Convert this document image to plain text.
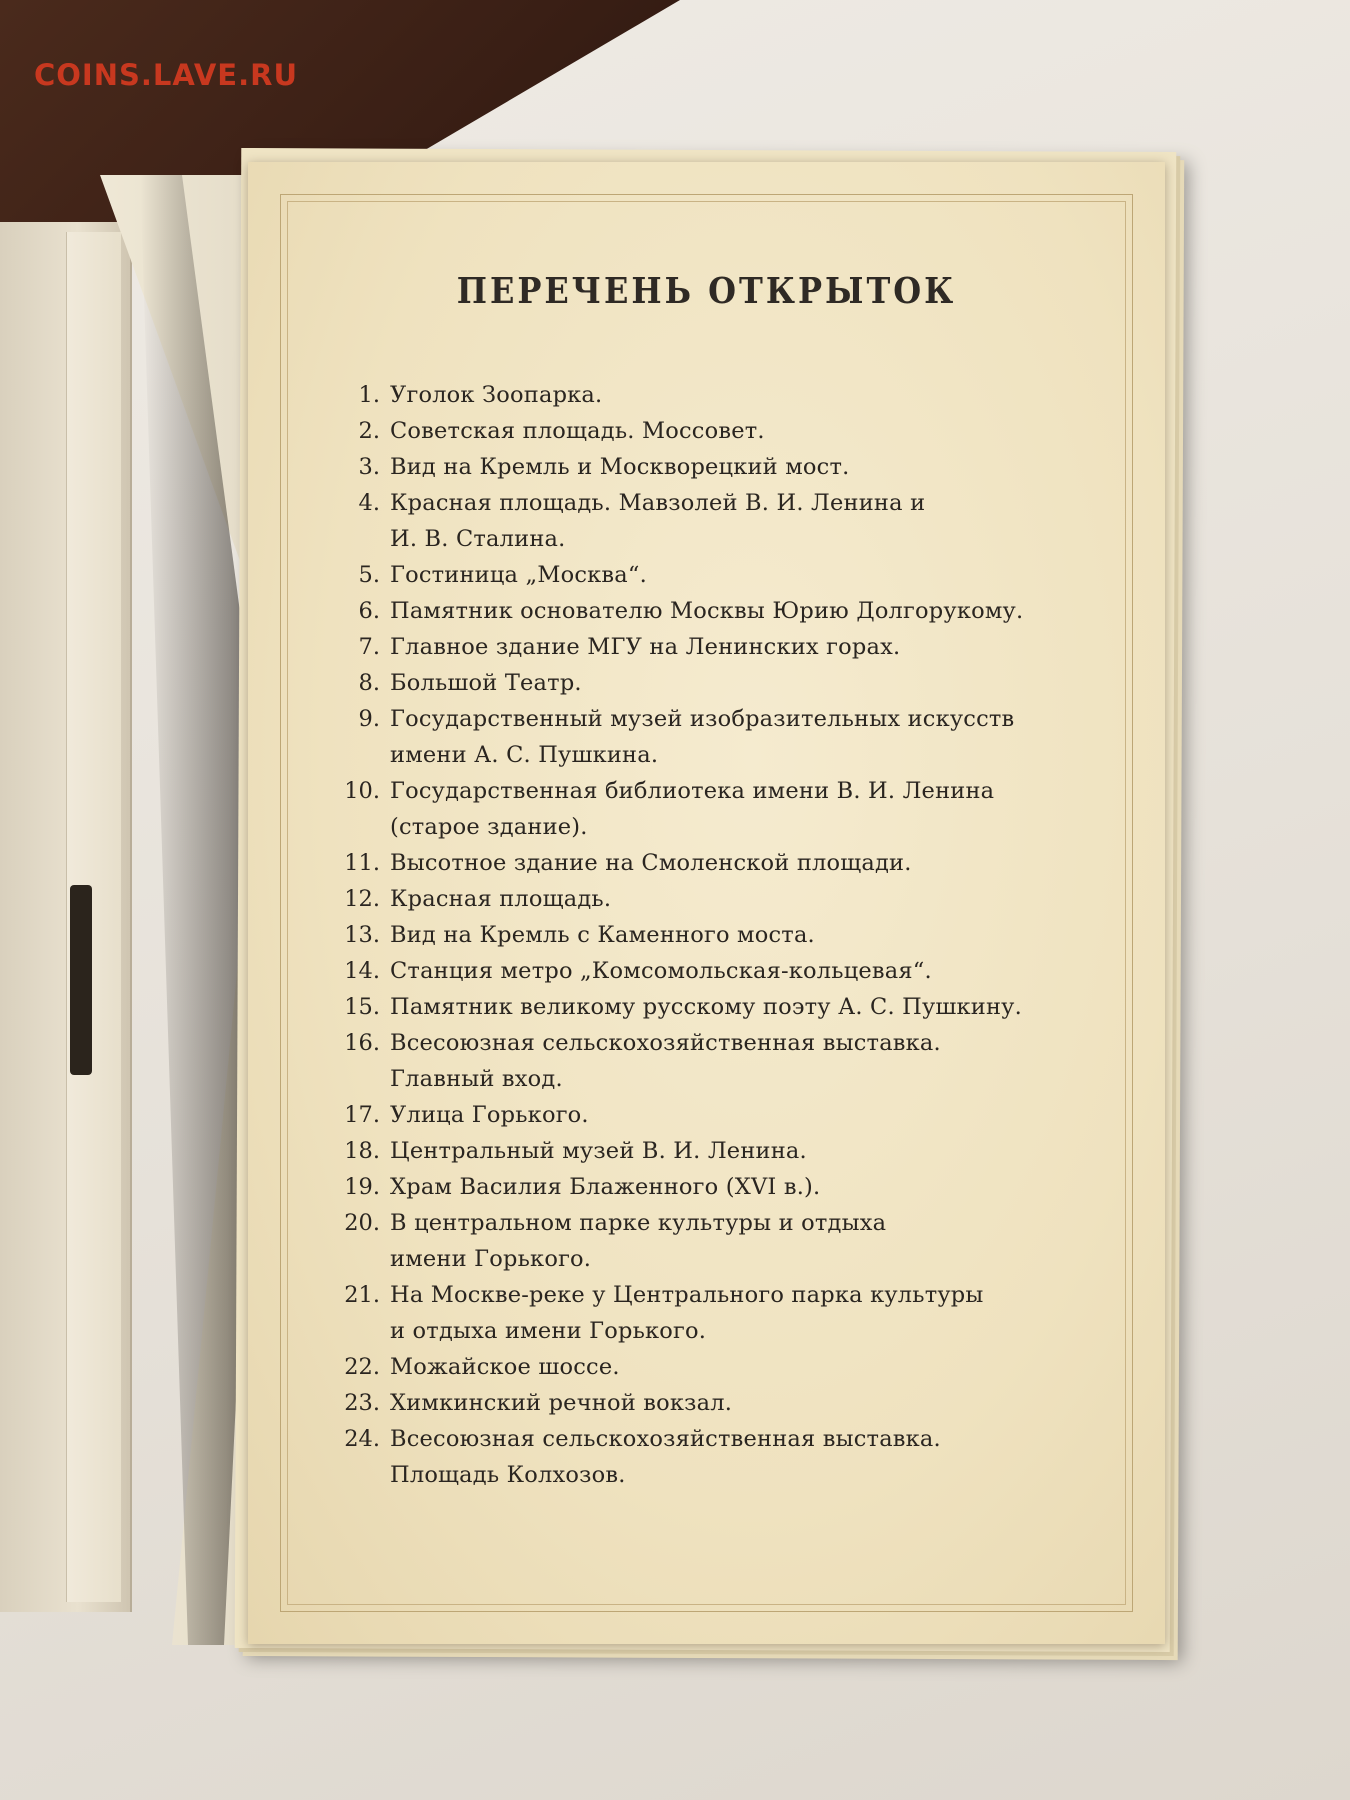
COINS.LAVE.RU
ПЕРЕЧЕНЬ ОТКРЫТОК
1. Уголок Зоопарка.
2. Советская площадь. Моссовет.
3. Вид на Кремль и Москворецкий мост.
4. Красная площадь. Мавзолей В. И. Ленина и
И. В. Сталина.
5. Гостиница „Москва“.
6. Памятник основателю Москвы Юрию Долгорукому.
7. Главное здание МГУ на Ленинских горах.
8. Большой Театр.
9. Государственный музей изобразительных искусств
имени А. С. Пушкина.
10. Государственная библиотека имени В. И. Ленина
(старое здание).
11. Высотное здание на Смоленской площади.
12. Красная площадь.
13. Вид на Кремль с Каменного моста.
14. Станция метро „Комсомольская-кольцевая“.
15. Памятник великому русскому поэту А. С. Пушкину.
16. Всесоюзная сельскохозяйственная выставка.
Главный вход.
17. Улица Горького.
18. Центральный музей В. И. Ленина.
19. Храм Василия Блаженного (XVI в.).
20. В центральном парке культуры и отдыха
имени Горького.
21. На Москве-реке у Центрального парка культуры
и отдыха имени Горького.
22. Можайское шоссе.
23. Химкинский речной вокзал.
24. Всесоюзная сельскохозяйственная выставка.
Площадь Колхозов.
